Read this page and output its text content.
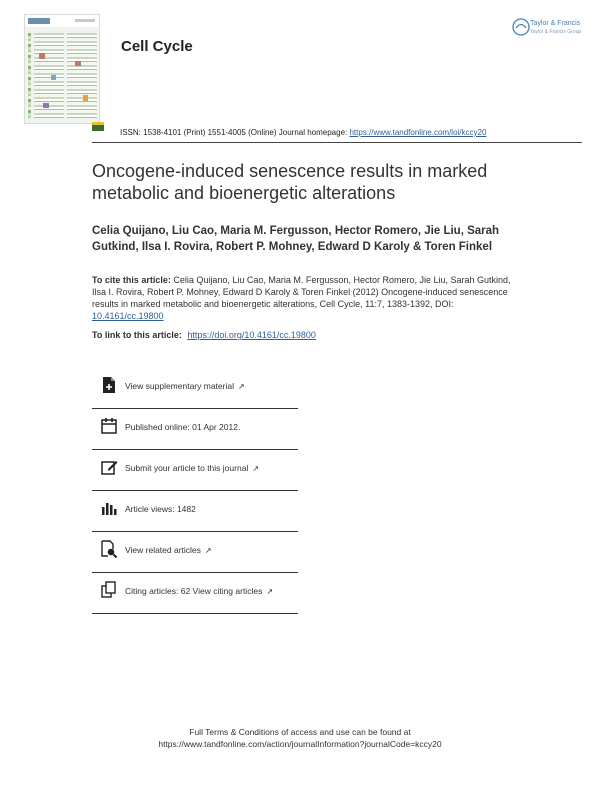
Cell Cycle
Taylor & Francis
Taylor & Francis Group
ISSN: 1538-4101 (Print) 1551-4005 (Online) Journal homepage: https://www.tandfonline.com/loi/kccy20
Oncogene-induced senescence results in marked metabolic and bioenergetic alterations
Celia Quijano, Liu Cao, Maria M. Fergusson, Hector Romero, Jie Liu, Sarah Gutkind, Ilsa I. Rovira, Robert P. Mohney, Edward D Karoly & Toren Finkel
To cite this article: Celia Quijano, Liu Cao, Maria M. Fergusson, Hector Romero, Jie Liu, Sarah Gutkind, Ilsa I. Rovira, Robert P. Mohney, Edward D Karoly & Toren Finkel (2012) Oncogene-induced senescence results in marked metabolic and bioenergetic alterations, Cell Cycle, 11:7, 1383-1392, DOI: 10.4161/cc.19800
To link to this article: https://doi.org/10.4161/cc.19800
View supplementary material ↗
Published online: 01 Apr 2012.
Submit your article to this journal ↗
Article views: 1482
View related articles ↗
Citing articles: 62 View citing articles ↗
Full Terms & Conditions of access and use can be found at
https://www.tandfonline.com/action/journalInformation?journalCode=kccy20
